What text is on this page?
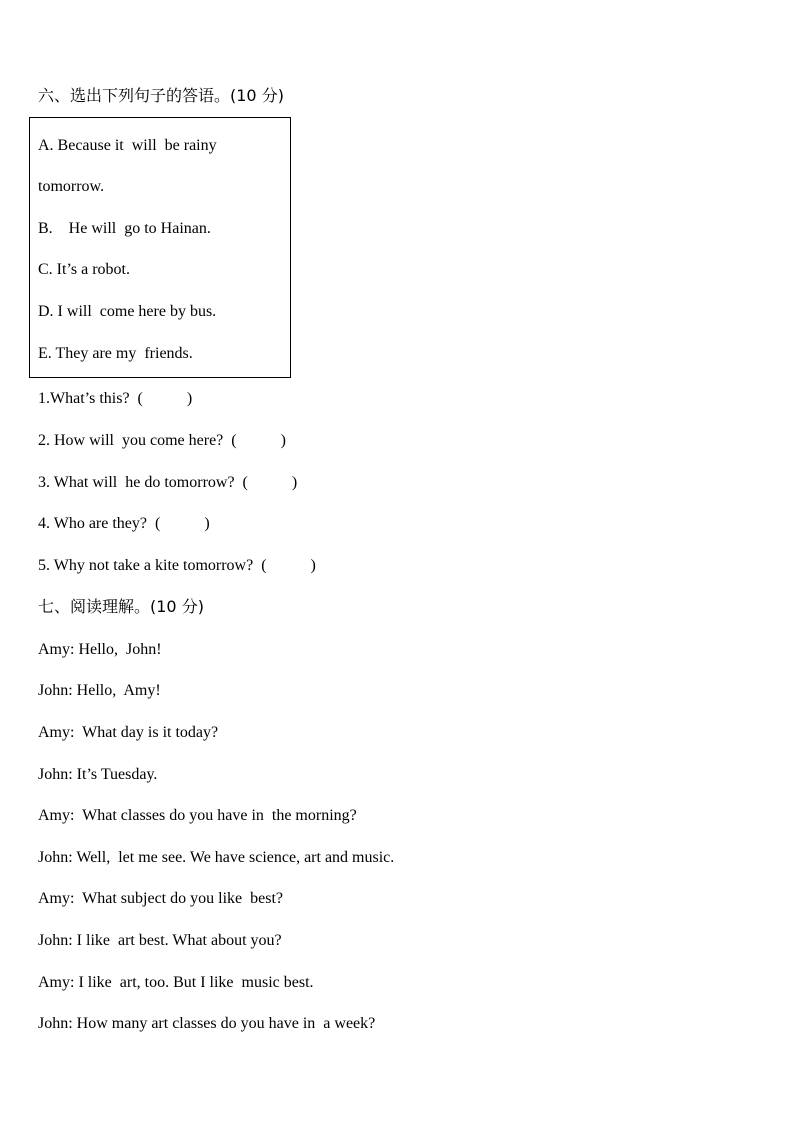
六、选出下列句子的答语。(10 分)
A. Because it  will  be rainy
tomorrow.
B.    He will  go to Hainan.
C. It’s a robot.
D. I will  come here by bus.
E. They are my  friends.
1.What’s this?  (           )
2. How will  you come here?  (           )
3. What will  he do tomorrow?  (           )
4. Who are they?  (           )
5. Why not take a kite tomorrow?  (           )
七、阅读理解。(10 分)
Amy: Hello,  John!
John: Hello,  Amy!
Amy:  What day is it today?
John: It’s Tuesday.
Amy:  What classes do you have in  the morning?
John: Well,  let me see. We have science, art and music.
Amy:  What subject do you like  best?
John: I like  art best. What about you?
Amy: I like  art, too. But I like  music best.
John: How many art classes do you have in  a week?
